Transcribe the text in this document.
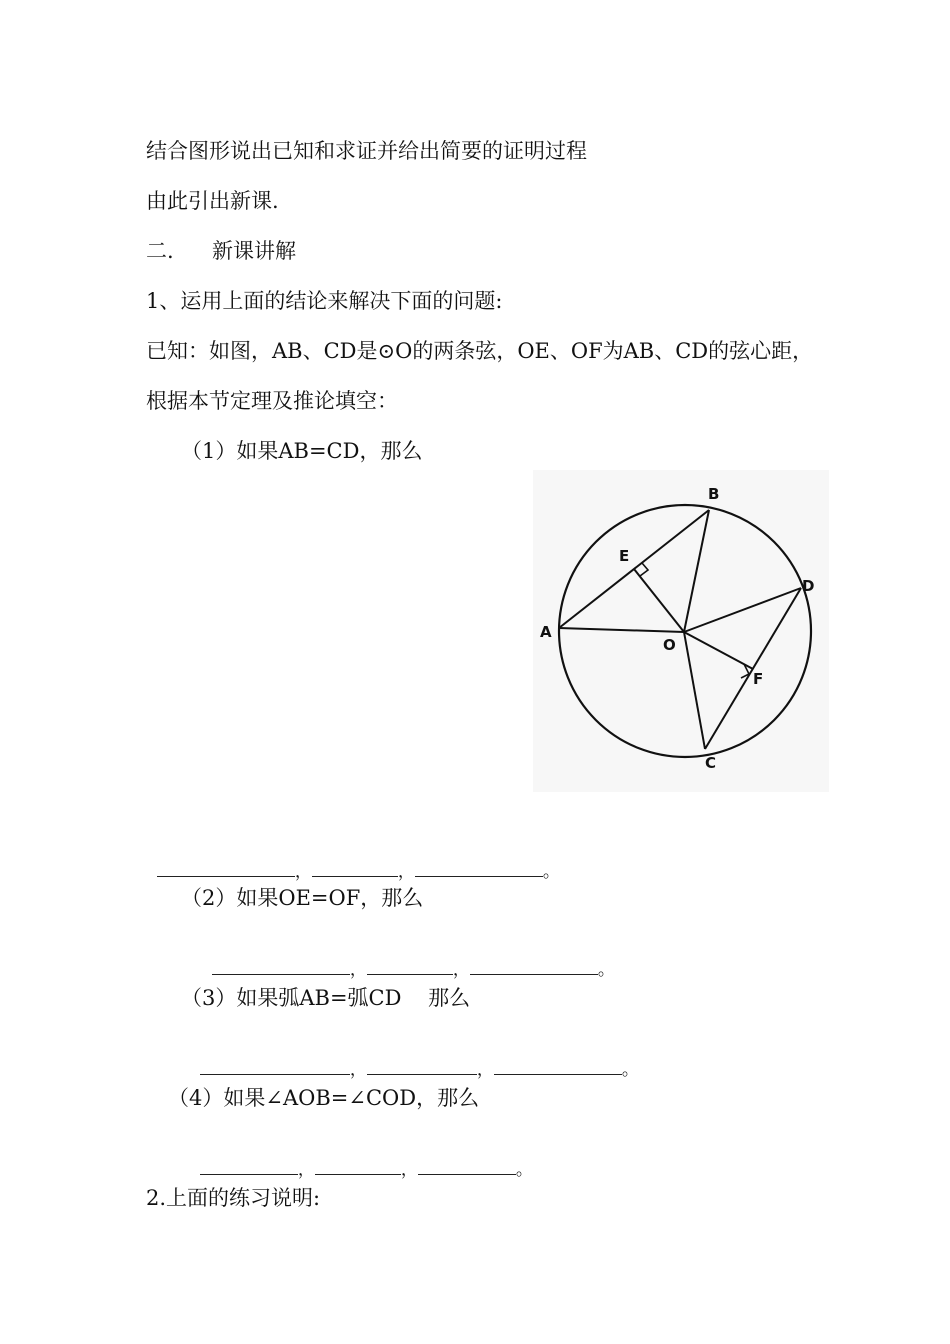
结合图形说出已知和求证并给出简要的证明过程
由此引出新课.
二. 新课讲解
1、运用上面的结论来解决下面的问题:
已知：如图，AB、CD是⊙O的两条弦，OE、OF为AB、CD的弦心距，
根据本节定理及推论填空：
（1）如果AB=CD，那么
B
E
D
A
O
F
C

，	，	。

（2）如果OE=OF，那么

，	，	。

（3）如果弧AB=弧CD    那么

，	，	。

（4）如果∠AOB=∠COD，那么

，	，	。

2.上面的练习说明:
